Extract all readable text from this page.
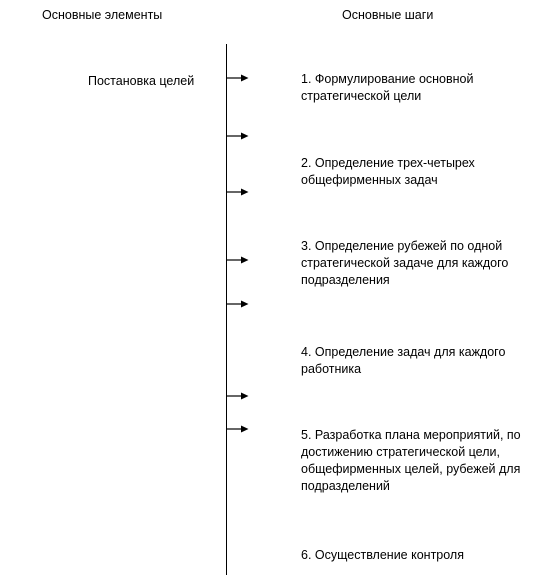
Основные элементы	Основные шаги
Постановка целей	1. Формулирование основной стратегической цели
2. Определение трех-четырех общефирменных задач
3. Определение рубежей по одной стратегической задаче для каждого подразделения
4. Определение задач для каждого работника
5. Разработка плана мероприятий, по достижению стратегической цели, общефирменных целей, рубежей для подразделений
6. Осуществление контроля
